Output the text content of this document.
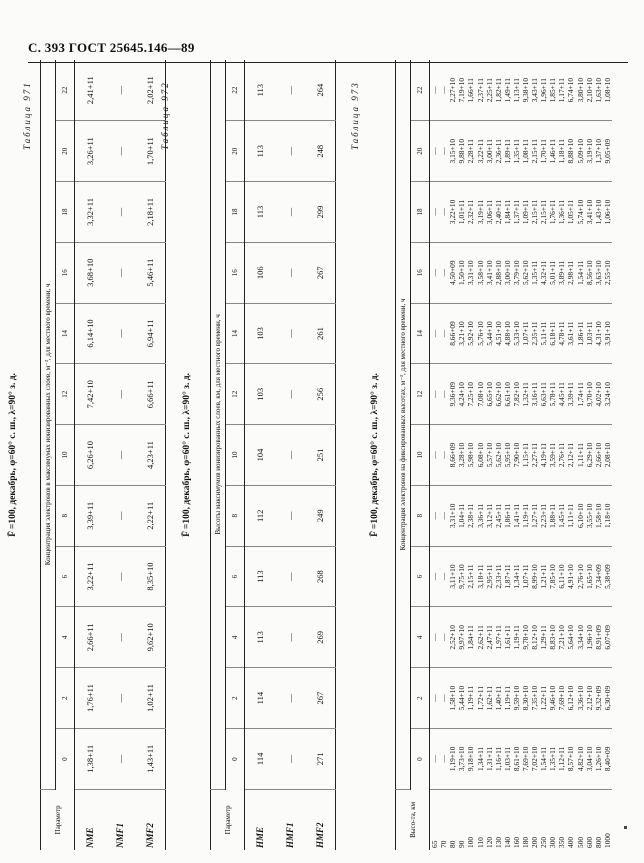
С. 393 ГОСТ 25645.146—89
Таблица 971
F̄ =100, декабрь, φ=60° с. ш., λ=90° з. д.
Параметр	Концентрация электронов в максимумах ионизированных слоев, м⁻³, для местного времени, ч											
	0	2	4	6	8	10	12	14	16	18	20	22
NME	1,38+11	1,76+11	2,66+11	3,22+11	3,39+11	6,26+10	7,42+10	6,14+10	3,68+10	3,32+11	3,26+11	2,41+11
NMF1	—	—	—	—	—	—	—	—	—	—	—	—
NMF2	1,43+11	1,02+11	9,62+10	8,35+10	2,22+11	4,23+11	6,66+11	6,94+11	5,46+11	2,18+11	1,70+11	2,02+11 Таблица 972
F̄ =100, декабрь, φ=60° с. ш., λ=90° з. д.
Параметр	Высоты максимумов ионизированных слоев, км, для местного времени, ч											
	0	2	4	6	8	10	12	14	16	18	20	22
HME	114	114	113	113	112	104	103	103	106	113	113	113
HMF1	—	—	—	—	—	—	—	—	—	—	—	—
HMF2	271	267	269	268	249	251	256	261	267	299	248	264	Таблица 973
F̄ =100, декабрь, φ=60° с. ш., λ=90° з. д.
Высо-та, км	Концентрация электронов на фиксированных высотах, м⁻³, для местного времени, ч											
	0	2	4	6	8	10	12	14	16	18	20	22
65	—	—	—	—	—	—	—	—	—	—	—	—
70	—	—	—	—	—	—	—	—	—	—	—	—
80	1,19+10	1,58+10	2,52+10	3,11+10	3,31+10	8,66+09	9,36+09	8,66+09	4,50+09	3,22+10	3,15+10	2,27+10
90	3,73+10	5,44+10	9,97+10	9,75+10	1,04+11	3,28+10	4,24+10	3,21+10	1,50+10	1,01+11	9,88+10	7,19+10
100	9,18+10	1,19+11	1,84+11	2,15+11	2,38+11	5,98+10	7,25+10	5,92+10	3,31+10	2,32+11	2,28+11	1,66+11
110	1,34+11	1,72+11	2,62+11	3,18+11	3,36+11	6,08+10	7,08+10	5,76+10	3,58+10	3,19+11	3,22+11	2,37+11
120	1,31+11	1,62+11	2,47+11	2,95+11	3,12+11	5,57+10	6,65+10	5,44+10	3,41+10	3,06+11	3,00+11	2,25+11
130	1,16+11	1,40+11	1,97+11	2,33+11	2,45+11	5,62+10	6,62+10	4,51+10	2,88+10	2,40+11	2,36+11	1,82+11
140	1,03+11	1,19+11	1,61+11	1,87+11	1,86+11	5,95+10	6,61+10	4,88+10	3,00+10	1,84+11	1,89+11	1,49+11
160	8,61+10	9,59+10	1,19+11	1,34+11	1,41+11	7,90+10	7,82+10	5,33+10	3,79+10	1,37+11	1,35+11	1,13+11
180	7,69+10	8,30+10	9,78+10	1,07+11	1,19+11	1,15+11	1,32+11	1,07+11	5,62+10	1,09+11	1,08+11	9,38+10
200	7,02+10	7,35+10	8,12+10	8,99+10	1,27+11	2,27+11	3,16+11	2,35+11	1,35+11	2,15+11	2,15+11	3,43+11
250	1,54+11	1,22+11	1,29+11	1,21+11	2,23+11	4,19+11	6,63+11	5,11+11	4,32+11	2,15+11	1,70+11	1,96+11
300	1,35+11	9,46+10	8,83+10	7,85+10	1,88+11	3,59+11	5,78+11	6,18+11	5,01+11	1,76+11	1,46+11	1,85+11
350	1,12+11	7,69+10	7,21+10	6,11+10	1,45+11	2,76+11	4,45+11	4,78+11	3,89+11	1,36+11	1,18+11	1,17+11
400	8,57+10	6,12+10	5,64+10	4,91+10	1,11+11	2,12+11	3,39+11	3,61+11	2,98+11	1,05+11	8,88+10	6,74+10
500	4,82+10	3,36+10	3,34+10	2,76+10	6,10+10	1,11+11	1,74+11	1,86+11	1,54+11	5,74+10	5,09+10	3,80+10
600	3,04+10	2,12+10	1,96+10	1,65+10	3,55+10	6,29+10	9,70+10	1,03+11	8,56+10	3,41+10	3,19+10	2,10+10
800	1,26+10	9,32+09	8,91+09	7,34+09	1,58+10	2,66+10	4,02+10	4,31+10	3,63+10	1,43+10	1,37+10	1,63+10
1000	8,40+09	6,30+09	6,07+09	5,38+09	1,18+10	2,08+10	3,24+10	3,91+10	2,55+10	1,06+10	9,05+09	1,08+10
